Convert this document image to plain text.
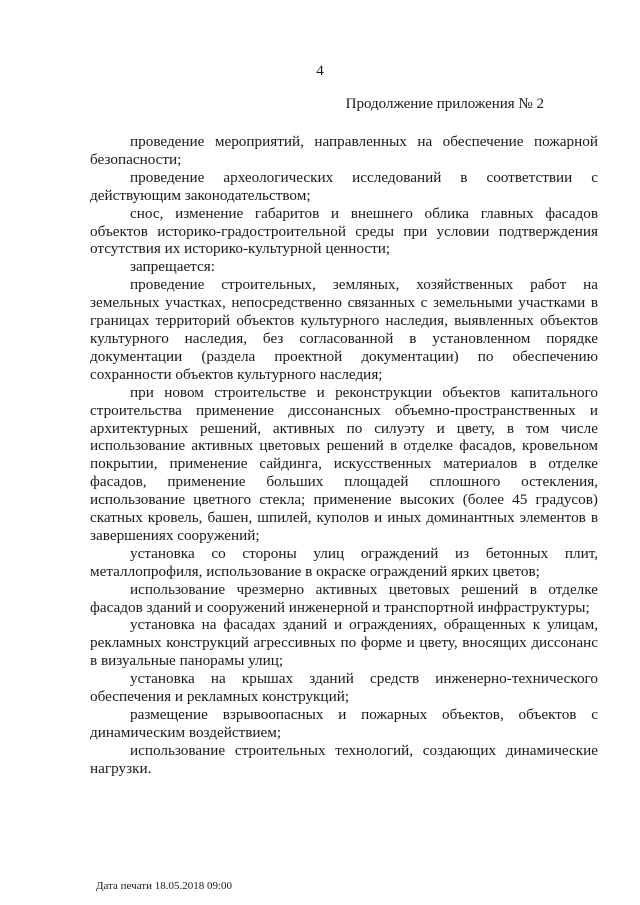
4
Продолжение приложения № 2

проведение мероприятий, направленных на обеспечение пожарной безопасности;

проведение археологических исследований в соответствии с действующим законодательством;

снос, изменение габаритов и внешнего облика главных фасадов объектов историко-градостроительной среды при условии подтверждения отсутствия их историко-культурной ценности;

запрещается:

проведение строительных, земляных, хозяйственных работ на земельных участках, непосредственно связанных с земельными участками в границах территорий объектов культурного наследия, выявленных объектов культурного наследия, без согласованной в установленном порядке документации (раздела проектной документации) по обеспечению сохранности объектов культурного наследия;

при новом строительстве и реконструкции объектов капитального строительства применение диссонансных объемно-пространственных и архитектурных решений, активных по силуэту и цвету, в том числе использование активных цветовых решений в отделке фасадов, кровельном покрытии, применение сайдинга, искусственных материалов в отделке фасадов, применение больших площадей сплошного остекления, использование цветного стекла; применение высоких (более 45 градусов) скатных кровель, башен, шпилей, куполов и иных доминантных элементов в завершениях сооружений;

установка со стороны улиц ограждений из бетонных плит, металлопрофиля, использование в окраске ограждений ярких цветов;

использование чрезмерно активных цветовых решений в отделке фасадов зданий и сооружений инженерной и транспортной инфраструктуры;

установка на фасадах зданий и ограждениях, обращенных к улицам, рекламных конструкций агрессивных по форме и цвету, вносящих диссонанс в визуальные панорамы улиц;

установка на крышах зданий средств инженерно-технического обеспечения и рекламных конструкций;

размещение взрывоопасных и пожарных объектов, объектов с динамическим воздействием;

использование строительных технологий, создающих динамические нагрузки.

Дата печати 18.05.2018 09:00
